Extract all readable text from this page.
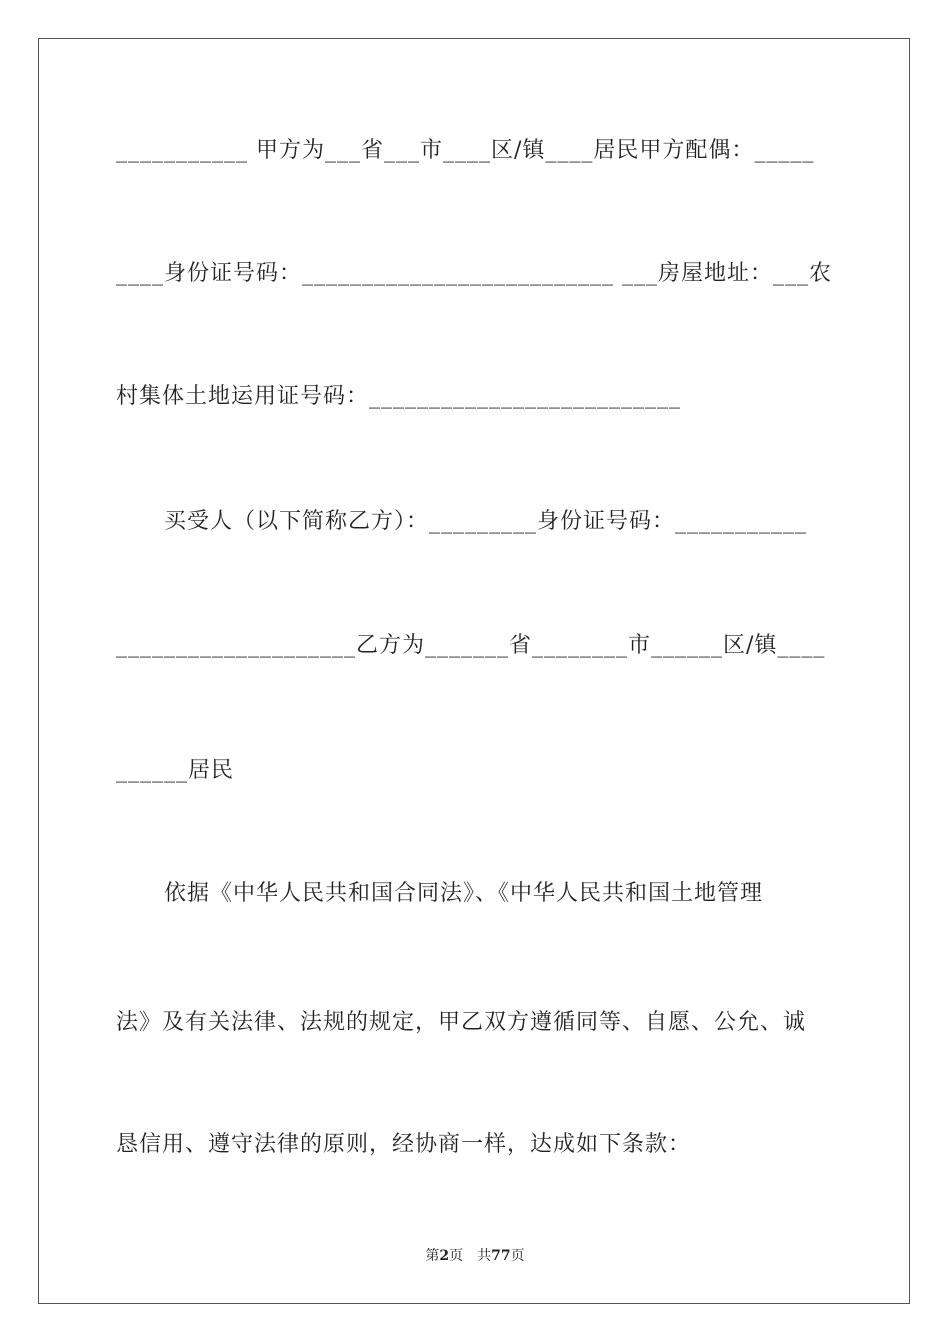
___________ 甲方为___省___市____区/镇____居民甲方配偶：_____
____身份证号码：__________________________ ___房屋地址：___农
村集体土地运用证号码：__________________________
买受人（以下简称乙方）：_________身份证号码：___________
____________________乙方为_______省________市______区/镇____
______居民
依据《中华人民共和国合同法》、《中华人民共和国土地管理
法》及有关法律、法规的规定，甲乙双方遵循同等、自愿、公允、诚
恳信用、遵守法律的原则，经协商一样，达成如下条款：
第2页　共77页
